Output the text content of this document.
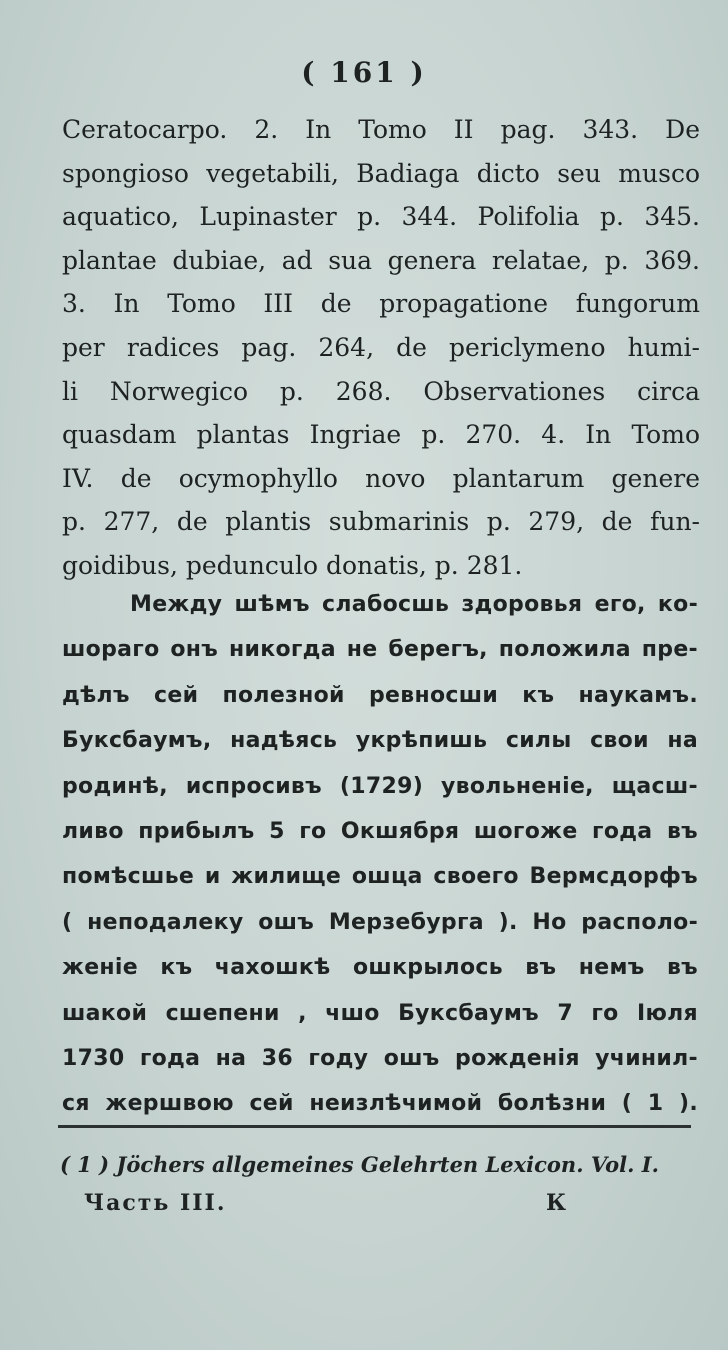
( 161 )
Ceratocarpo. 2. In Tomo II pag. 343. De
spongioso vegetabili, Badiaga dicto seu musco
aquatico, Lupinaster p. 344. Polifolia p. 345.
plantae dubiae, ad sua genera relatae, p. 369.
3. In Tomo III de propagatione fungorum
per radices pag. 264, de periclymeno humi-
li Norwegico p. 268. Observationes circa
quasdam plantas Ingriae p. 270. 4. In Tomo
IV. de ocymophyllo novo plantarum genere
p. 277, de plantis submarinis p. 279, de fun-
goidibus, pedunculo donatis, p. 281.
Между шѣмъ слабосшь здоровья его, ко-
шораго онъ никогда не берегъ, положила пре-
дѣлъ сей полезной ревносши къ наукамъ.
Буксбаумъ, надѣясь укрѣпишь силы свои на
родинѣ, испросивъ (1729) увольненіе, щасш-
ливо прибылъ 5 го Окшября шогожe года въ
помѣсшье и жилище ошца своего Вермсдорфъ
( неподалеку ошъ Мерзебурга ). Но располо-
женіе къ чахошкѣ ошкрылось въ немъ въ
шакой сшепени , чшо Буксбаумъ 7 го Іюля
1730 года на 36 году ошъ рожденія учинил-
ся жершвою сей неизлѣчимой болѣзни ( 1 ).
( 1 ) Jöchers allgemeines Gelehrten Lexicon. Vol. I.
Часть III.	К
